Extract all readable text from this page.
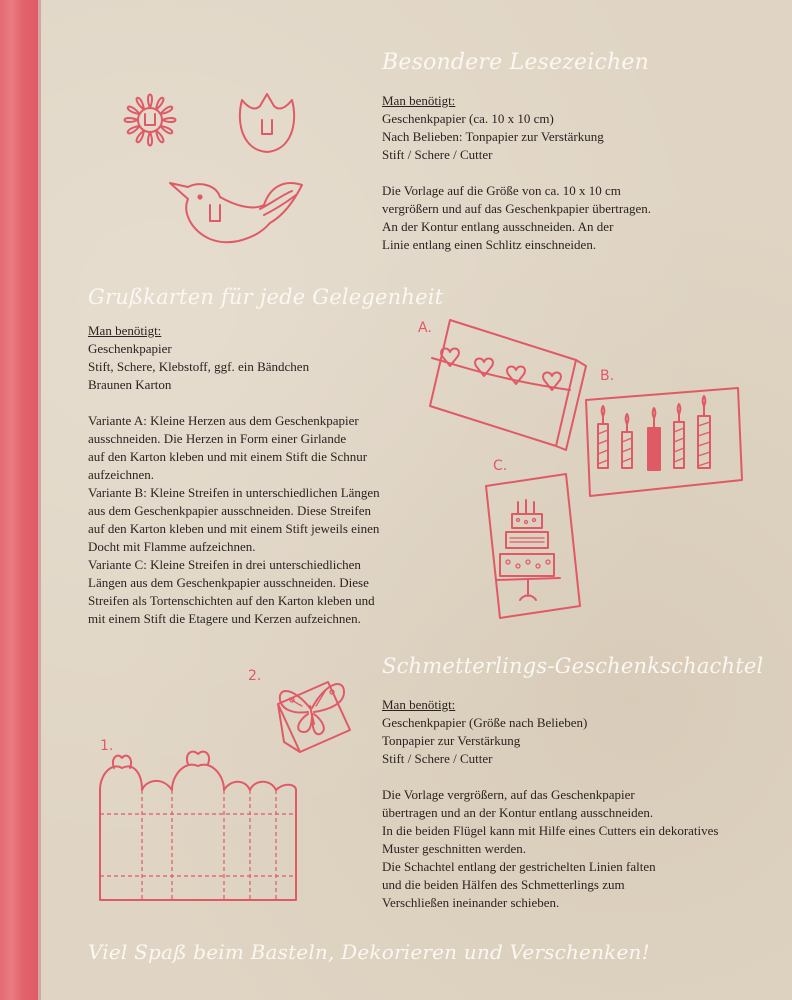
Besondere Lesezeichen

Man benötigt:

Geschenkpapier (ca. 10 x 10 cm)

Nach Belieben: Tonpapier zur Verstärkung

Stift / Schere / Cutter

Die Vorlage auf die Größe von ca. 10 x 10 cm

vergrößern und auf das Geschenkpapier übertragen.

An der Kontur entlang ausschneiden. An der

Linie entlang einen Schlitz einschneiden.

Grußkarten für jede Gelegenheit

Man benötigt:

Geschenkpapier

Stift, Schere, Klebstoff, ggf. ein Bändchen

Braunen Karton

Variante A: Kleine Herzen aus dem Geschenkpapier

ausschneiden. Die Herzen in Form einer Girlande

auf den Karton kleben und mit einem Stift die Schnur

aufzeichnen.

Variante B: Kleine Streifen in unterschiedlichen Längen

aus dem Geschenkpapier ausschneiden. Diese Streifen

auf den Karton kleben und mit einem Stift jeweils einen

Docht mit Flamme aufzeichnen.

Variante C: Kleine Streifen in drei unterschiedlichen

Längen aus dem Geschenkpapier ausschneiden. Diese

Streifen als Tortenschichten auf den Karton kleben und

mit einem Stift die Etagere und Kerzen aufzeichnen.

A.
B.
C.
Schmetterlings-Geschenkschachtel

Man benötigt:

Geschenkpapier (Größe nach Belieben)

Tonpapier zur Verstärkung

Stift / Schere / Cutter

Die Vorlage vergrößern, auf das Geschenkpapier

übertragen und an der Kontur entlang ausschneiden.

In die beiden Flügel kann mit Hilfe eines Cutters ein dekoratives

Muster geschnitten werden.

Die Schachtel entlang der gestrichelten Linien falten

und die beiden Hälfen des Schmetterlings zum

Verschließen ineinander schieben.

2.
1.
Viel Spaß beim Basteln, Dekorieren und Verschenken!
